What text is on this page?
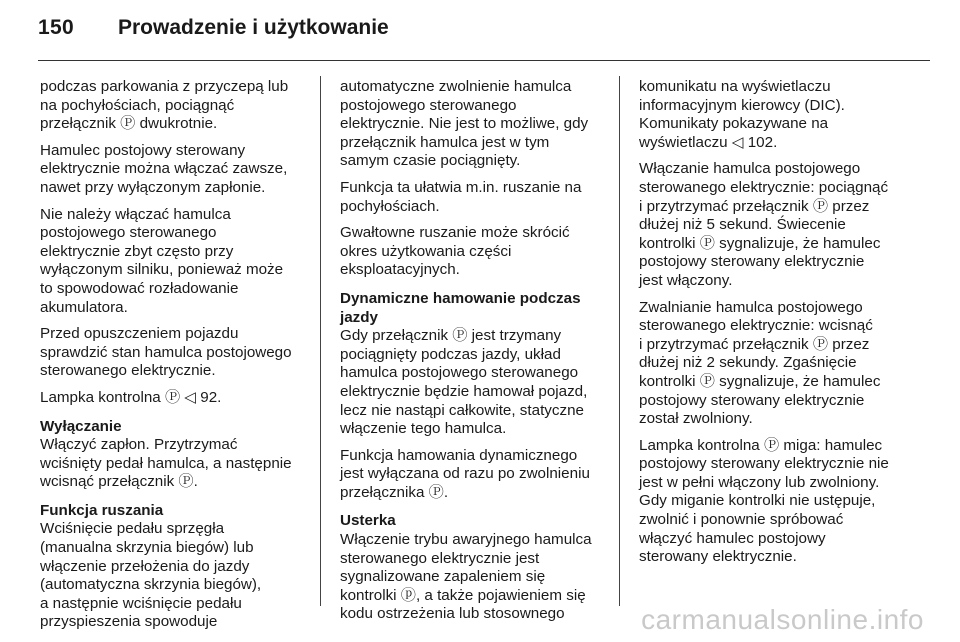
150	Prowadzenie i użytkowanie

podczas parkowania z przyczepą lub
na pochyłościach, pociągnąć
przełącznik Ⓟ dwukrotnie.

Hamulec postojowy sterowany
elektrycznie można włączać zawsze,
nawet przy wyłączonym zapłonie.

Nie należy włączać hamulca
postojowego sterowanego
elektrycznie zbyt często przy
wyłączonym silniku, ponieważ może
to spowodować rozładowanie
akumulatora.

Przed opuszczeniem pojazdu
sprawdzić stan hamulca postojowego
sterowanego elektrycznie.

Lampka kontrolna Ⓟ ◁ 92.

Wyłączanie

Włączyć zapłon. Przytrzymać
wciśnięty pedał hamulca, a następnie
wcisnąć przełącznik Ⓟ.

Funkcja ruszania

Wciśnięcie pedału sprzęgła
(manualna skrzynia biegów) lub
włączenie przełożenia do jazdy
(automatyczna skrzynia biegów),
a następnie wciśnięcie pedału
przyspieszenia spowoduje

automatyczne zwolnienie hamulca
postojowego sterowanego
elektrycznie. Nie jest to możliwe, gdy
przełącznik hamulca jest w tym
samym czasie pociągnięty.

Funkcja ta ułatwia m.in. ruszanie na
pochyłościach.

Gwałtowne ruszanie może skrócić
okres użytkowania części
eksploatacyjnych.

Dynamiczne hamowanie podczas
jazdy

Gdy przełącznik Ⓟ jest trzymany
pociągnięty podczas jazdy, układ
hamulca postojowego sterowanego
elektrycznie będzie hamował pojazd,
lecz nie nastąpi całkowite, statyczne
włączenie tego hamulca.

Funkcja hamowania dynamicznego
jest wyłączana od razu po zwolnieniu
przełącznika Ⓟ.

Usterka

Włączenie trybu awaryjnego hamulca
sterowanego elektrycznie jest
sygnalizowane zapaleniem się
kontrolki ⓟ, a także pojawieniem się
kodu ostrzeżenia lub stosownego

komunikatu na wyświetlaczu
informacyjnym kierowcy (DIC).
Komunikaty pokazywane na
wyświetlaczu ◁ 102.

Włączanie hamulca postojowego
sterowanego elektrycznie: pociągnąć
i przytrzymać przełącznik Ⓟ przez
dłużej niż 5 sekund. Świecenie
kontrolki Ⓟ sygnalizuje, że hamulec
postojowy sterowany elektrycznie
jest włączony.

Zwalnianie hamulca postojowego
sterowanego elektrycznie: wcisnąć
i przytrzymać przełącznik Ⓟ przez
dłużej niż 2 sekundy. Zgaśnięcie
kontrolki Ⓟ sygnalizuje, że hamulec
postojowy sterowany elektrycznie
został zwolniony.

Lampka kontrolna Ⓟ miga: hamulec
postojowy sterowany elektrycznie nie
jest w pełni włączony lub zwolniony.
Gdy miganie kontrolki nie ustępuje,
zwolnić i ponownie spróbować
włączyć hamulec postojowy
sterowany elektrycznie.

carmanualsonline.info
